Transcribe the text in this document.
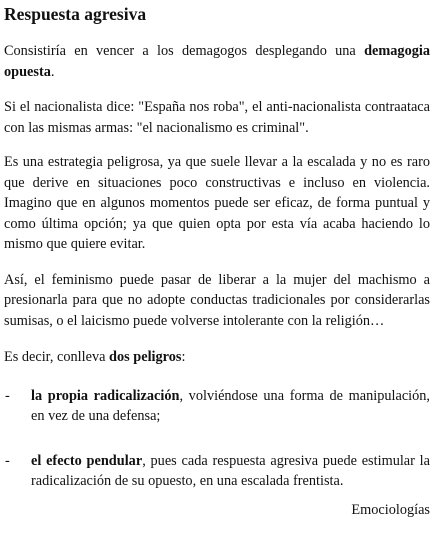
Respuesta agresiva

Consistiría en vencer a los demagogos desplegando una demagogia opuesta.

Si el nacionalista dice: "España nos roba", el anti-nacionalista contraataca con las mismas armas: "el nacionalismo es criminal".

Es una estrategia peligrosa, ya que suele llevar a la escalada y no es raro que derive en situaciones poco constructivas e incluso en violencia. Imagino que en algunos momentos puede ser eficaz, de forma puntual y como última opción; ya que quien opta por esta vía acaba haciendo lo mismo que quiere evitar.

Así, el feminismo puede pasar de liberar a la mujer del machismo a presionarla para que no adopte conductas tradicionales por considerarlas sumisas, o el laicismo puede volverse intolerante con la religión…

Es decir, conlleva dos peligros:

- la propia radicalización, volviéndose una forma de manipulación, en vez de una defensa;
- el efecto pendular, pues cada respuesta agresiva puede estimular la radicalización de su opuesto, en una escalada frentista.
Emociologías
